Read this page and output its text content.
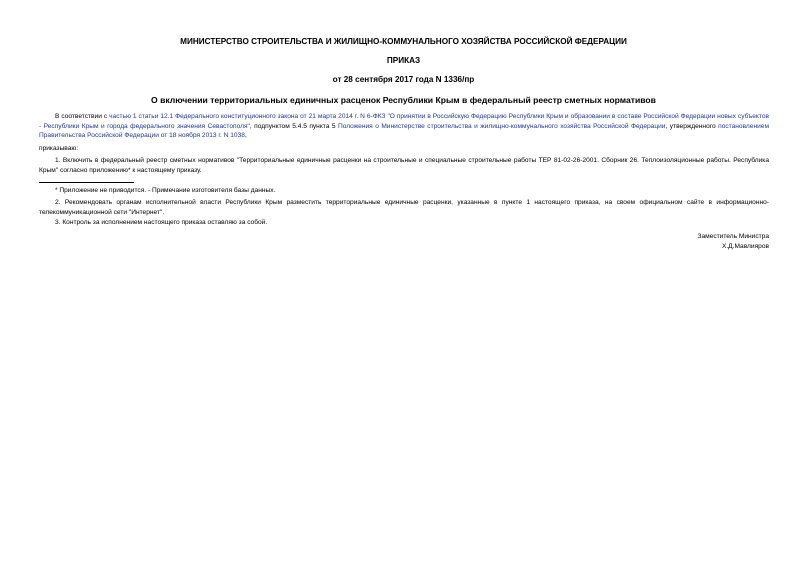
МИНИСТЕРСТВО СТРОИТЕЛЬСТВА И ЖИЛИЩНО-КОММУНАЛЬНОГО ХОЗЯЙСТВА РОССИЙСКОЙ ФЕДЕРАЦИИ
ПРИКАЗ
от 28 сентября 2017 года N 1336/пр
О включении территориальных единичных расценок Республики Крым в федеральный реестр сметных нормативов
В соответствии с частью 1 статьи 12.1 Федерального конституционного закона от 21 марта 2014 г. N 6-ФКЗ "О принятии в Российскую Федерацию Республики Крым и образовании в составе Российской Федерации новых субъектов - Республики Крым и города федерального значения Севастополя", подпунктом 5.4.5 пункта 5 Положения о Министерстве строительства и жилищно-коммунального хозяйства Российской Федерации, утвержденного постановлением Правительства Российской Федерации от 18 ноября 2013 г. N 1038,
приказываю:
1. Включить в федеральный реестр сметных нормативов "Территориальные единичные расценки на строительные и специальные строительные работы ТЕР 81-02-26-2001. Сборник 26. Теплоизоляционные работы. Республика Крым" согласно приложению* к настоящему приказу.
* Приложение не приводится. - Примечание изготовителя базы данных.
2. Рекомендовать органам исполнительной власти Республики Крым разместить территориальные единичные расценки, указанные в пункте 1 настоящего приказа, на своем официальном сайте в информационно-телекоммуникационной сети "Интернет".
3. Контроль за исполнением настоящего приказа оставляю за собой.
Заместитель Министра
Х.Д.Мавлияров
